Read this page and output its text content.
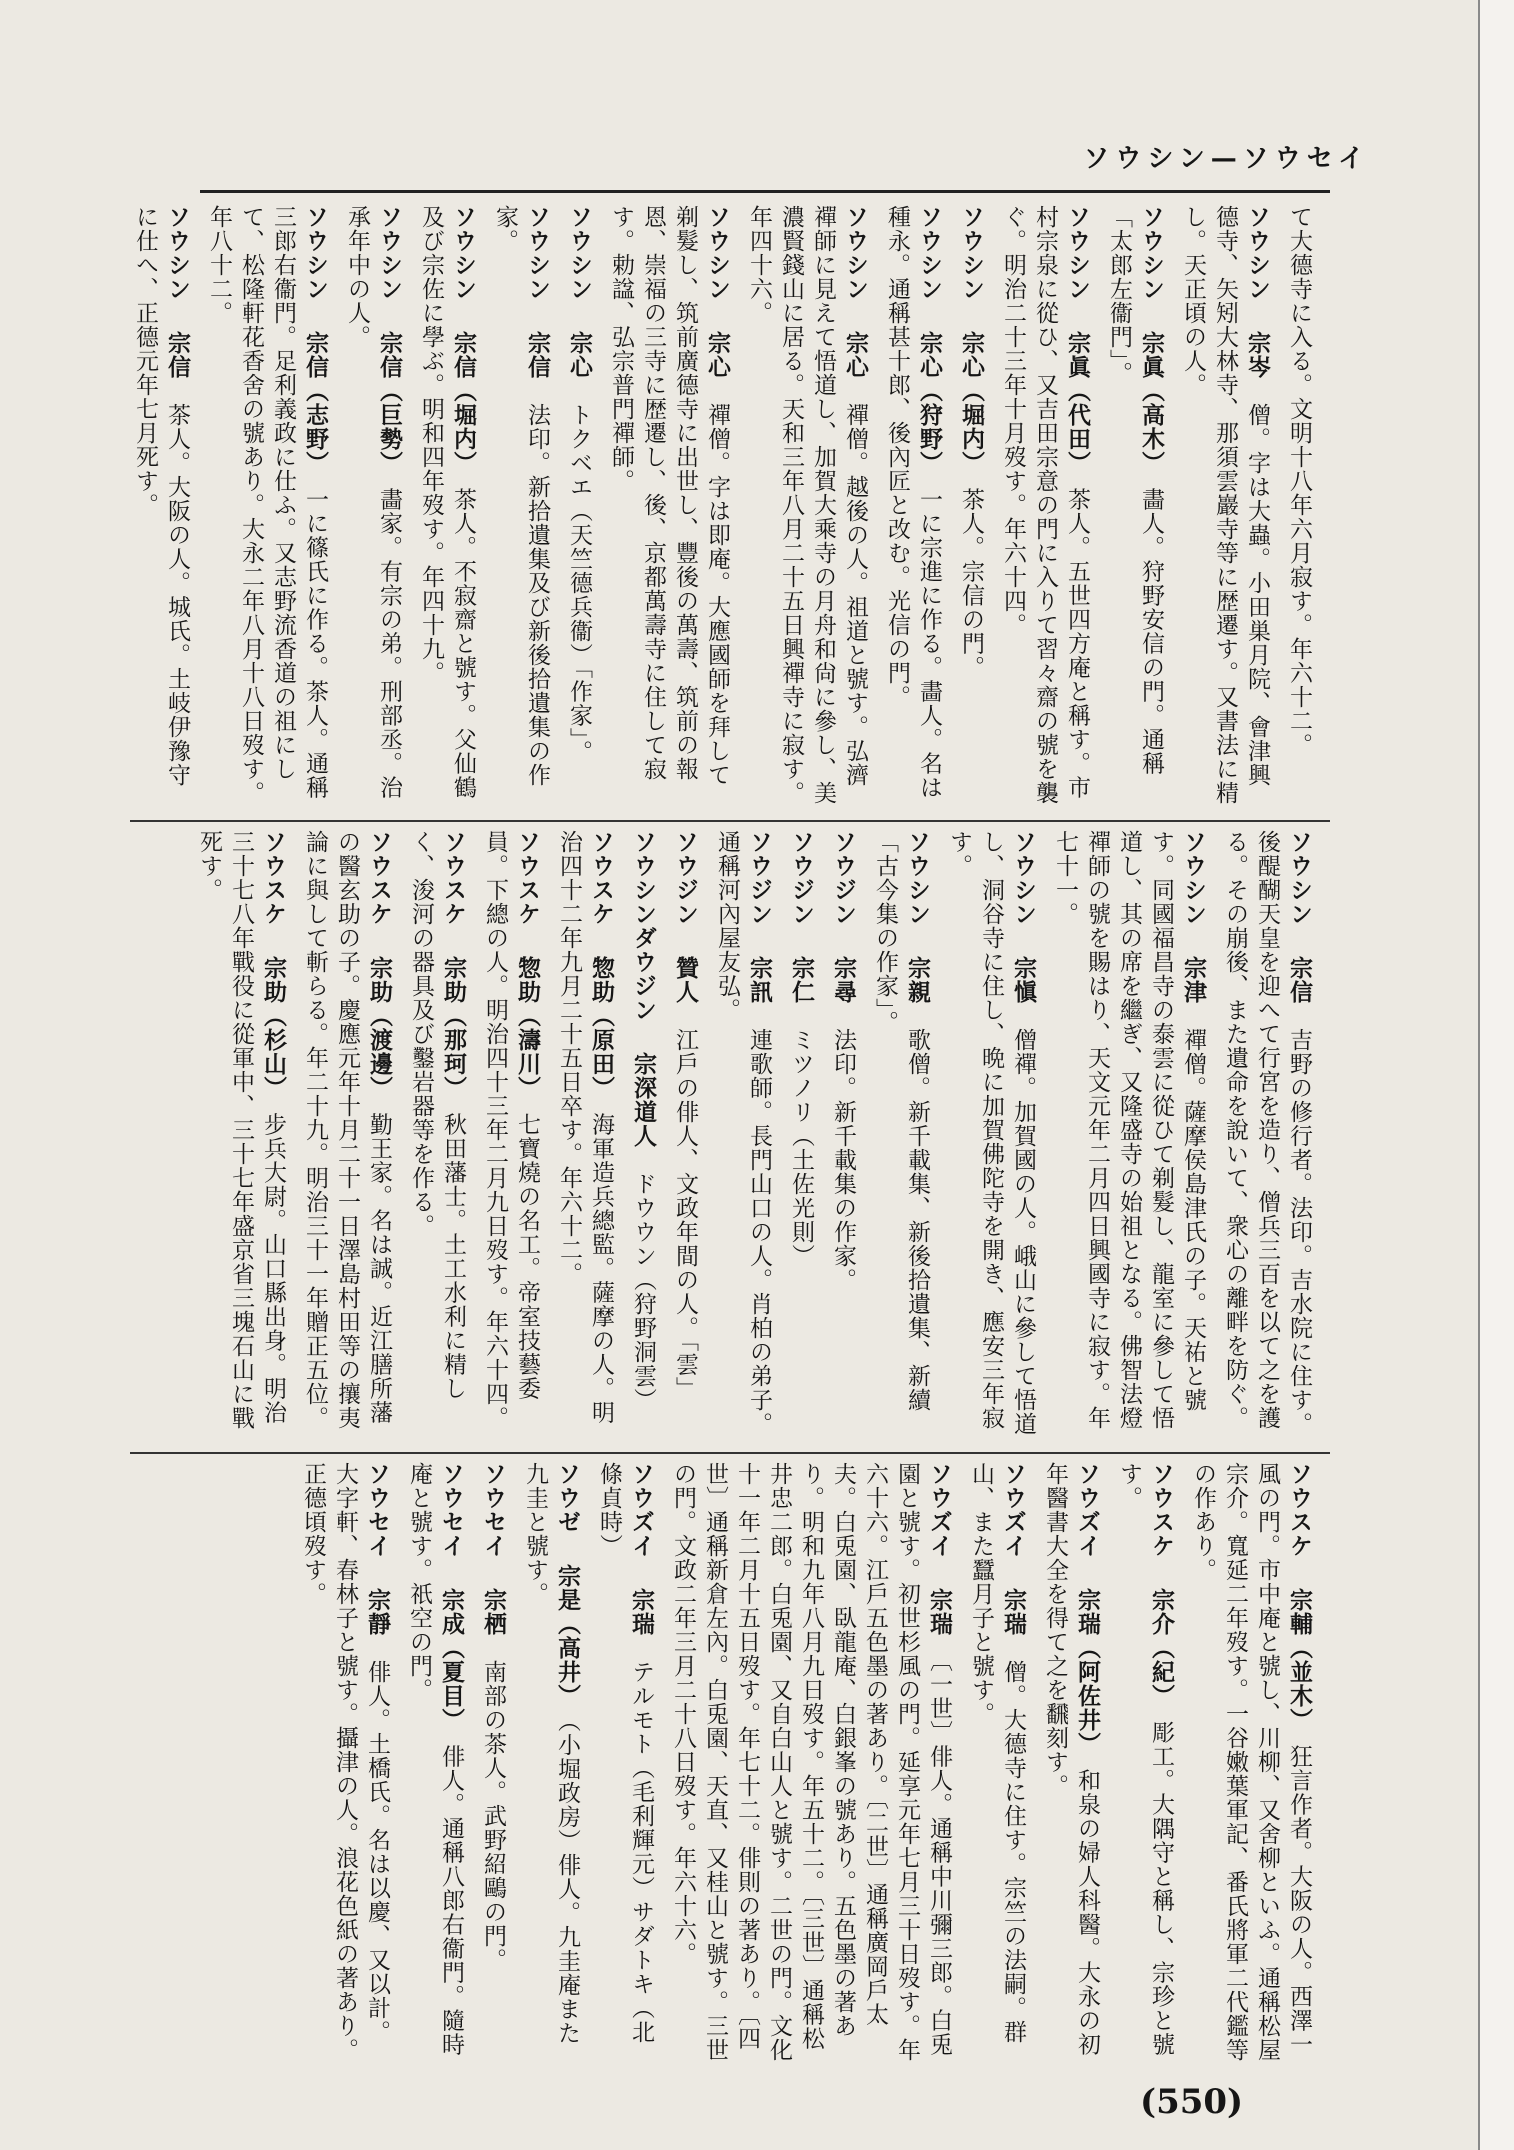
ソウシン—ソウセイ
て大德寺に入る。文明十八年六月寂す。年六十二。
ソウシン　宗岑　僧。字は大蟲。小田巣月院、會津興德寺、矢矧大林寺、那須雲巖寺等に歴遷す。又書法に精し。天正頃の人。
ソウシン　宗眞（高木）　畵人。狩野安信の門。通稱「太郎左衞門」。
ソウシン　宗眞（代田）　茶人。五世四方庵と稱す。市村宗泉に從ひ、又吉田宗意の門に入りて習々齋の號を襲ぐ。明治二十三年十月歿す。年六十四。
ソウシン　宗心（堀内）　茶人。宗信の門。
ソウシン　宗心（狩野）　一に宗進に作る。畵人。名は種永。通稱甚十郎、後內匠と改む。光信の門。
ソウシン　宗心　禪僧。越後の人。祖道と號す。弘濟禪師に見えて悟道し、加賀大乘寺の月舟和尙に參し、美濃賢錢山に居る。天和三年八月二十五日興禪寺に寂す。年四十六。
ソウシン　宗心　禪僧。字は即庵。大應國師を拜して剃髮し、筑前廣德寺に出世し、豐後の萬壽、筑前の報恩、崇福の三寺に歴遷し、後、京都萬壽寺に住して寂す。勅諡、弘宗普門禪師。
ソウシン　宗心　トクベエ（天竺德兵衞）「作家」。
ソウシン　宗信　法印。新拾遺集及び新後拾遺集の作家。
ソウシン　宗信（堀内）　茶人。不寂齋と號す。父仙鶴及び宗佐に學ぶ。明和四年歿す。年四十九。
ソウシン　宗信（巨勢）　畵家。有宗の弟。刑部丞。治承年中の人。
ソウシン　宗信（志野）　一に篠氏に作る。茶人。通稱三郎右衞門。足利義政に仕ふ。又志野流香道の祖にして、松隆軒花香舍の號あり。大永二年八月十八日歿す。年八十二。
ソウシン　宗信　茶人。大阪の人。城氏。土岐伊豫守に仕へ、正德元年七月死す。
ソウシン　宗信　吉野の修行者。法印。吉水院に住す。後醍醐天皇を迎へて行宮を造り、僧兵三百を以て之を護る。その崩後、また遺命を說いて、衆心の離畔を防ぐ。
ソウシン　宗津　禪僧。薩摩侯島津氏の子。天祐と號す。同國福昌寺の泰雲に從ひて剃髮し、龍室に參して悟道し、其の席を繼ぎ、又隆盛寺の始祖となる。佛智法燈禪師の號を賜はり、天文元年二月四日興國寺に寂す。年七十一。
ソウシン　宗愼　僧禪。加賀國の人。峨山に參して悟道し、洞谷寺に住し、晩に加賀佛陀寺を開き、應安三年寂す。
ソウシン　宗親　歌僧。新千載集、新後拾遺集、新續「古今集の作家」。
ソウジン　宗尋　法印。新千載集の作家。
ソウジン　宗仁　ミツノリ（土佐光則）
ソウジン　宗訊　連歌師。長門山口の人。肖柏の弟子。通稱河內屋友弘。
ソウジン　贊人　江戶の俳人、文政年間の人。「雲」
ソウシンダウジン　宗深道人　ドウウン（狩野洞雲）
ソウスケ　惣助（原田）　海軍造兵總監。薩摩の人。明治四十二年九月二十五日卒す。年六十二。
ソウスケ　惣助（濤川）　七寶燒の名工。帝室技藝委員。下總の人。明治四十三年二月九日歿す。年六十四。
ソウスケ　宗助（那珂）　秋田藩士。土工水利に精しく、浚河の器具及び鑿岩器等を作る。
ソウスケ　宗助（渡邊）　勤王家。名は誠。近江膳所藩の醫玄助の子。慶應元年十月二十一日澤島村田等の攘夷論に與して斬らる。年二十九。明治三十一年贈正五位。
ソウスケ　宗助（杉山）　步兵大尉。山口縣出身。明治三十七八年戰役に從軍中、三十七年盛京省三塊石山に戰死す。
ソウスケ　宗輔（並木）　狂言作者。大阪の人。西澤一風の門。市中庵と號し、川柳、又舍柳といふ。通稱松屋宗介。寬延二年歿す。一谷嫩葉軍記、番氏將軍二代鑑等の作あり。
ソウスケ　宗介（紀）　彫工。大隅守と稱し、宗珍と號す。
ソウズイ　宗瑞（阿佐井）　和泉の婦人科醫。大永の初年醫書大全を得て之を飜刻す。
ソウズイ　宗瑞　僧。大德寺に住す。宗竺の法嗣。群山、また蠶月子と號す。
ソウズイ　宗瑞　〔一世〕俳人。通稱中川彌三郎。白兎園と號す。初世杉風の門。延享元年七月三十日歿す。年六十六。江戶五色墨の著あり。〔二世〕通稱廣岡戶太夫。白兎園、臥龍庵、白銀峯の號あり。五色墨の著あり。明和九年八月九日歿す。年五十二。〔三世〕通稱松井忠二郎。白兎園、又自白山人と號す。二世の門。文化十一年二月十五日歿す。年七十二。俳則の著あり。〔四世〕通稱新倉左內。白兎園、天直、又桂山と號す。三世の門。文政二年三月二十八日歿す。年六十六。
ソウズイ　宗瑞　テルモト（毛利輝元）サダトキ（北條貞時）
ソウゼ　宗是（高井）　（小堀政房）俳人。九圭庵また九圭と號す。
ソウセイ　宗栖　南部の茶人。武野紹鷗の門。
ソウセイ　宗成（夏目）　俳人。通稱八郎右衞門。隨時庵と號す。祇空の門。
ソウセイ　宗靜　俳人。土橋氏。名は以慶、又以計。大字軒、春林子と號す。攝津の人。浪花色紙の著あり。正德頃歿す。
(550)
